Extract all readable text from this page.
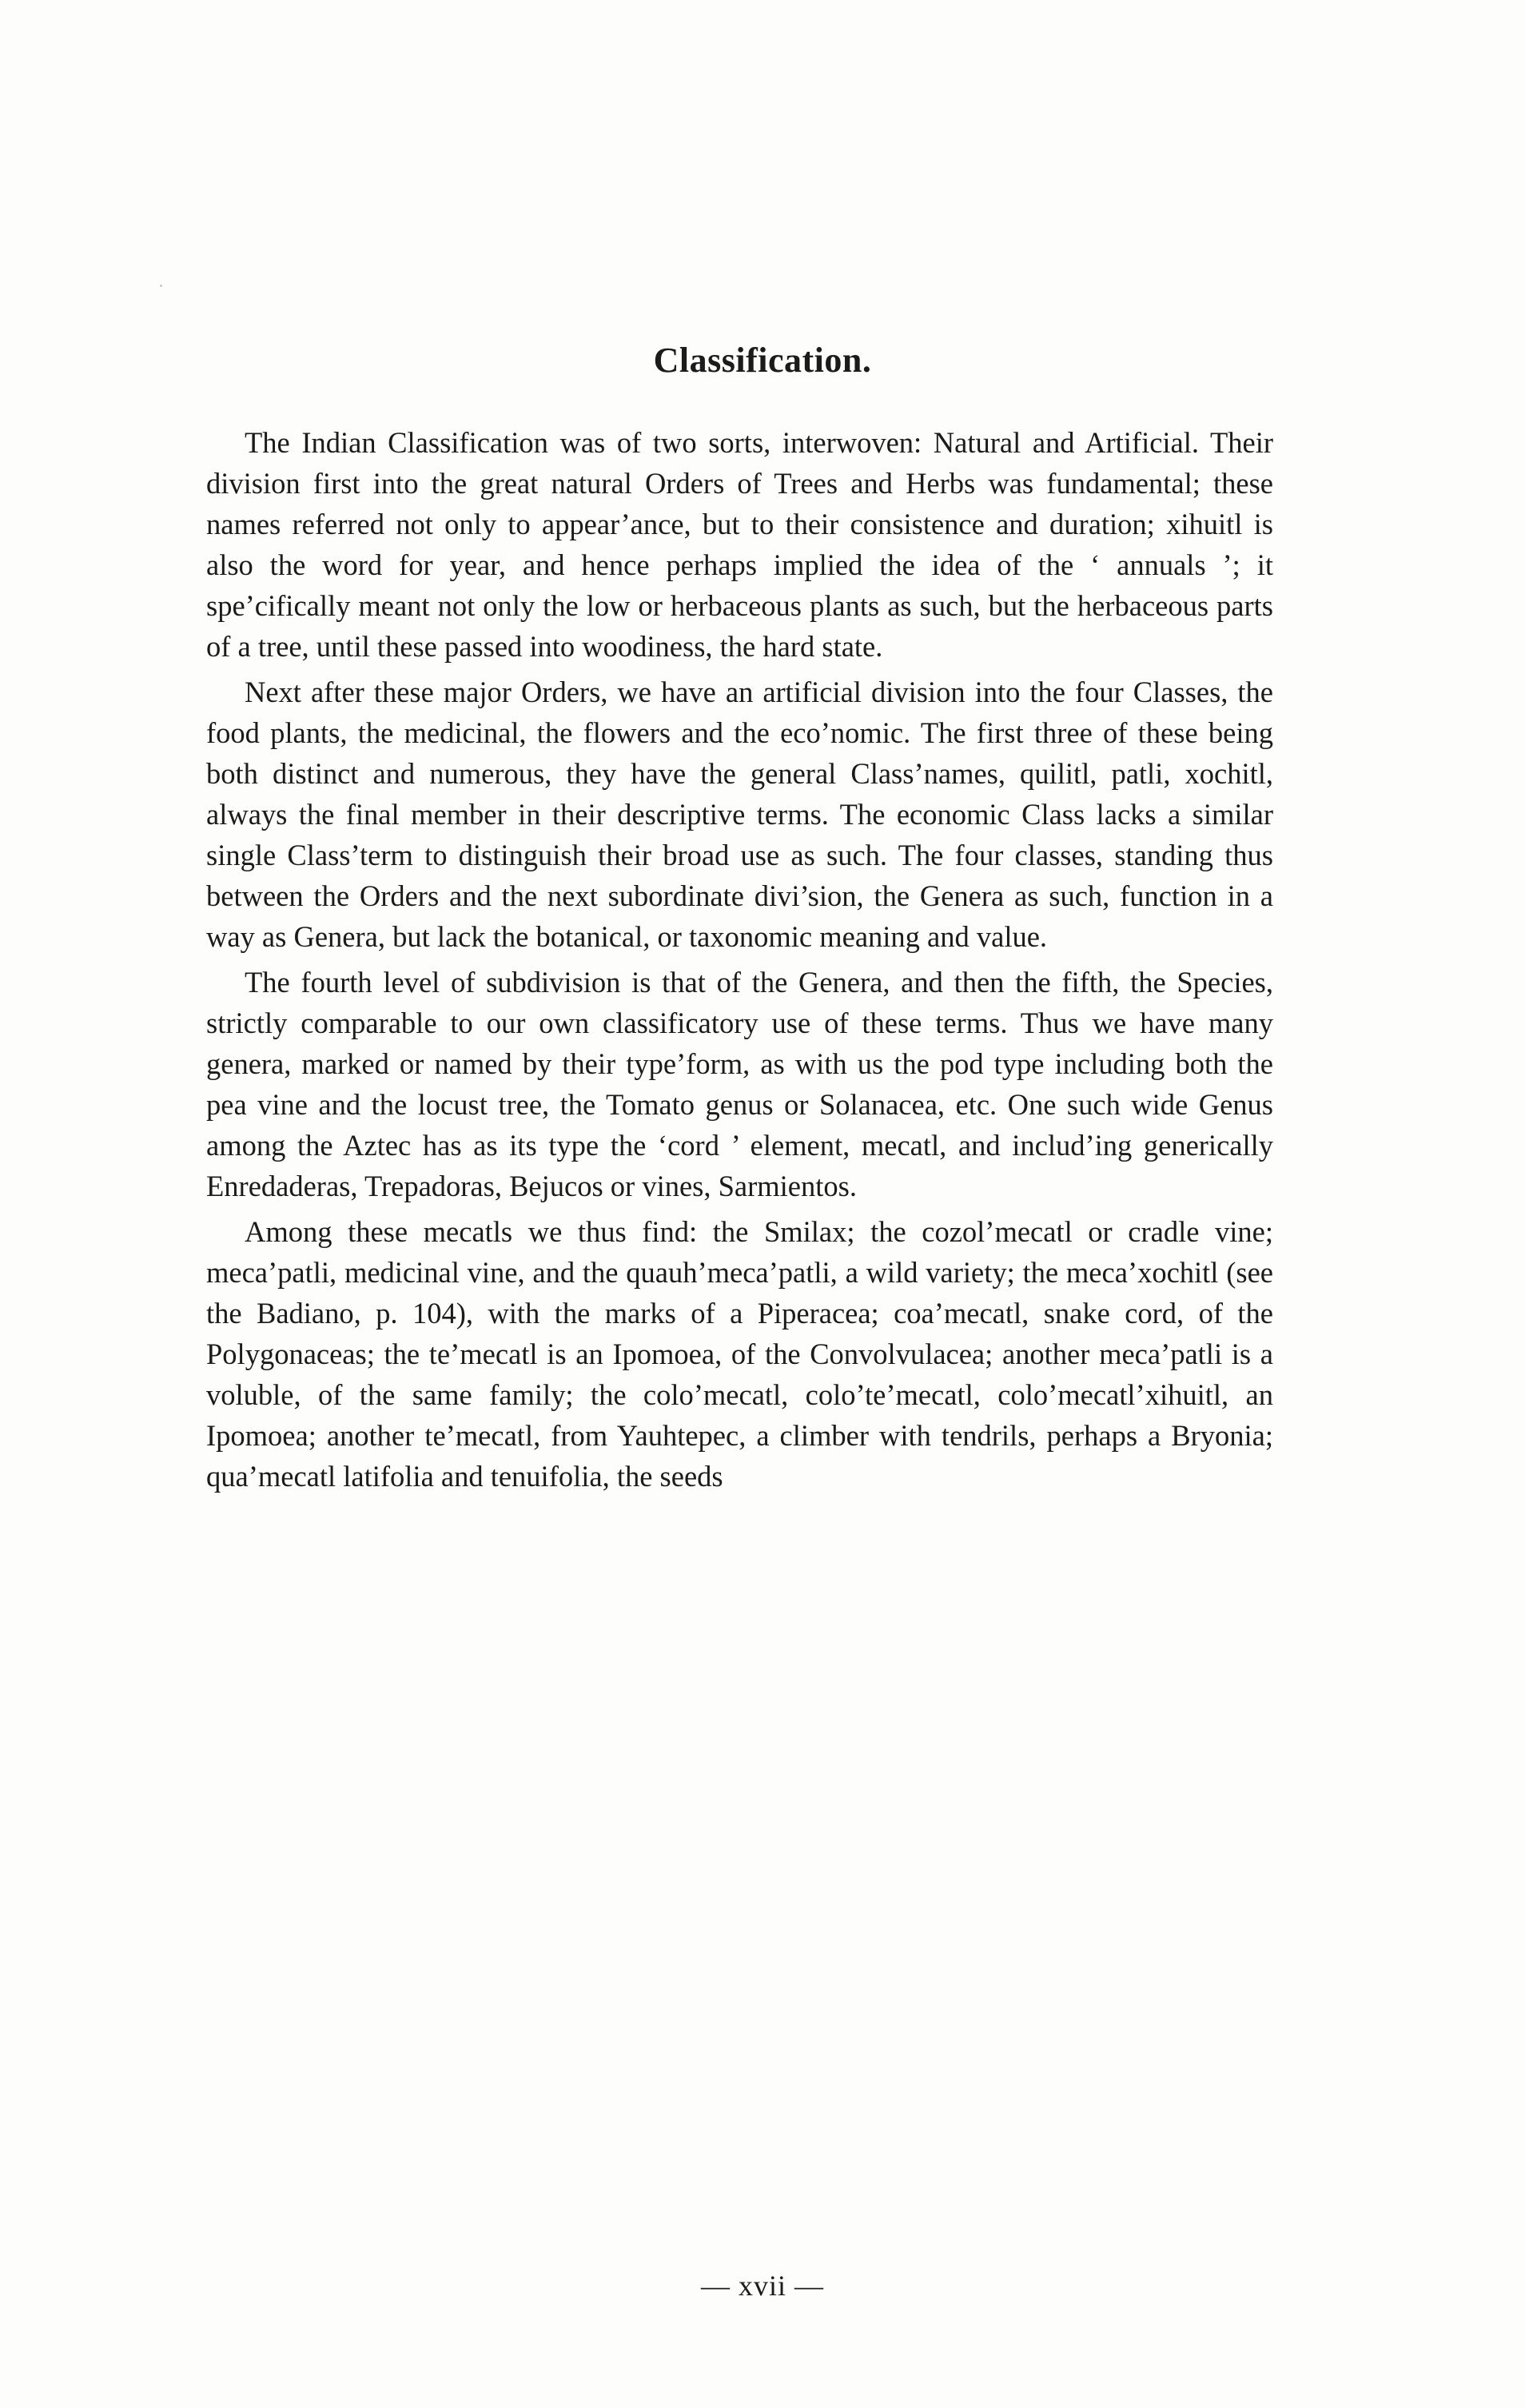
Classification.

The Indian Classification was of two sorts, interwoven: Natural and Artificial. Their division first into the great natural Orders of Trees and Herbs was fundamental; these names referred not only to appear’ance, but to their consistence and duration; xihuitl is also the word for year, and hence perhaps implied the idea of the ‘ annuals ’; it spe’cifically meant not only the low or herbaceous plants as such, but the herbaceous parts of a tree, until these passed into woodiness, the hard state.

Next after these major Orders, we have an artificial division into the four Classes, the food plants, the medicinal, the flowers and the eco’nomic. The first three of these being both distinct and numerous, they have the general Class’names, quilitl, patli, xochitl, always the final member in their descriptive terms. The economic Class lacks a similar single Class’term to distinguish their broad use as such. The four classes, standing thus between the Orders and the next subordinate divi’sion, the Genera as such, function in a way as Genera, but lack the botanical, or taxonomic meaning and value.

The fourth level of subdivision is that of the Genera, and then the fifth, the Species, strictly comparable to our own classificatory use of these terms. Thus we have many genera, marked or named by their type’form, as with us the pod type including both the pea vine and the locust tree, the Tomato genus or Solanacea, etc. One such wide Genus among the Aztec has as its type the ‘cord ’ element, mecatl, and includ’ing generically Enredaderas, Trepadoras, Bejucos or vines, Sarmientos.

Among these mecatls we thus find: the Smilax; the cozol’mecatl or cradle vine; meca’patli, medicinal vine, and the quauh’meca’patli, a wild variety; the meca’xochitl (see the Badiano, p. 104), with the marks of a Piperacea; coa’mecatl, snake cord, of the Polygonaceas; the te’mecatl is an Ipomoea, of the Convolvulacea; another meca’patli is a voluble, of the same family; the colo’mecatl, colo’te’mecatl, colo’mecatl’xihuitl, an Ipomoea; another te’mecatl, from Yauhtepec, a climber with tendrils, perhaps a Bryonia; qua’mecatl latifolia and tenuifolia, the seeds

— xvii —
